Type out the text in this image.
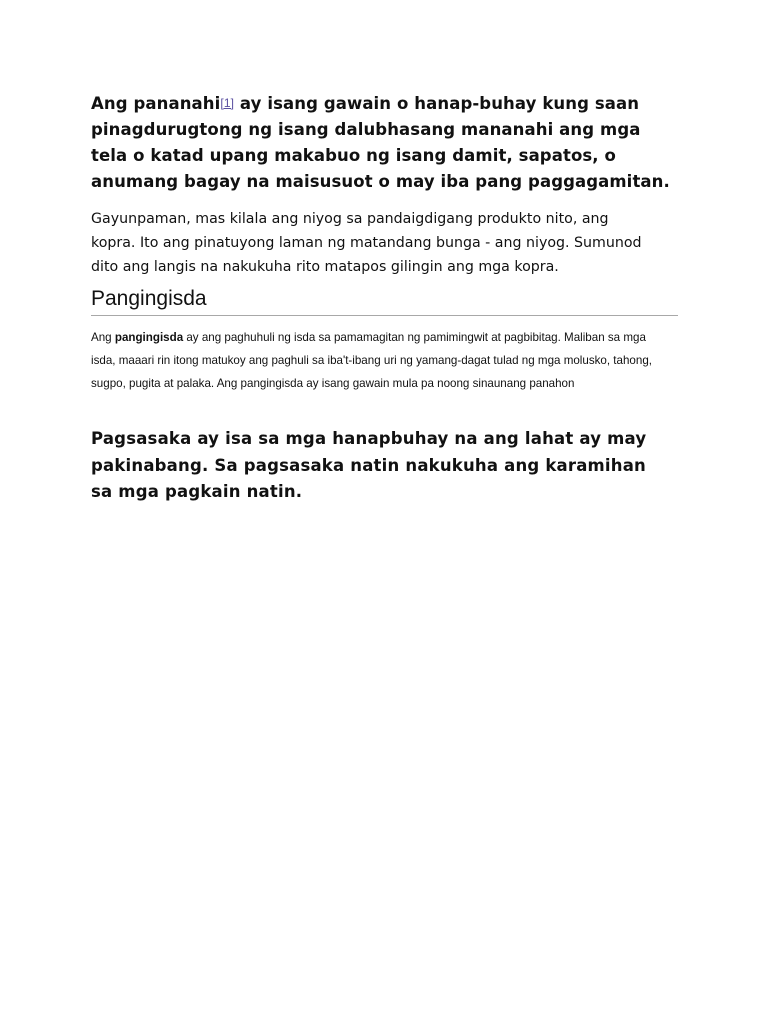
Ang pananahi[1] ay isang gawain o hanap-buhay kung saan
pinagdurugtong ng isang dalubhasang mananahi ang mga
tela o katad upang makabuo ng isang damit, sapatos, o
anumang bagay na maisusuot o may iba pang paggagamitan.

Gayunpaman, mas kilala ang niyog sa pandaigdigang produkto nito, ang
kopra. Ito ang pinatuyong laman ng matandang bunga - ang niyog. Sumunod
dito ang langis na nakukuha rito matapos gilingin ang mga kopra.

Pangingisda

Ang pangingisda ay ang paghuhuli ng isda sa pamamagitan ng pamimingwit at pagbibitag. Maliban sa mga
isda, maaari rin itong matukoy ang paghuli sa iba't-ibang uri ng yamang-dagat tulad ng mga molusko, tahong,
sugpo, pugita at palaka. Ang pangingisda ay isang gawain mula pa noong sinaunang panahon

Pagsasaka ay isa sa mga hanapbuhay na ang lahat ay may
pakinabang. Sa pagsasaka natin nakukuha ang karamihan
sa mga pagkain natin.
